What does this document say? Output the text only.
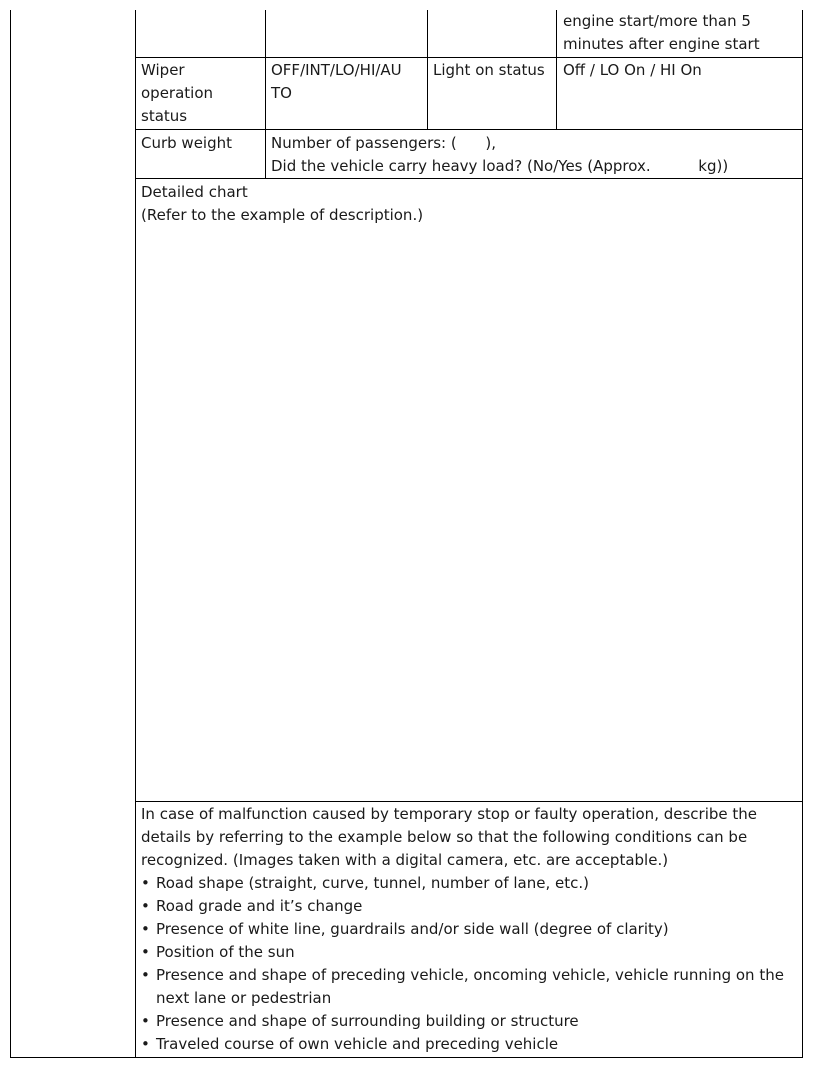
engine start/more than 5
minutes after engine start
Wiper
operation
status
OFF/INT/LO/HI/AU
TO
Light on status	Off / LO On / HI On
Curb weight	Number of passengers: (      ),
Did the vehicle carry heavy load? (No/Yes (Approx.          kg))
Detailed chart
(Refer to the example of description.)
In case of malfunction caused by temporary stop or faulty operation, describe the
details by referring to the example below so that the following conditions can be
recognized. (Images taken with a digital camera, etc. are acceptable.)
• Road shape (straight, curve, tunnel, number of lane, etc.)
• Road grade and it’s change
• Presence of white line, guardrails and/or side wall (degree of clarity)
• Position of the sun
• Presence and shape of preceding vehicle, oncoming vehicle, vehicle running on the
next lane or pedestrian
• Presence and shape of surrounding building or structure
• Traveled course of own vehicle and preceding vehicle
